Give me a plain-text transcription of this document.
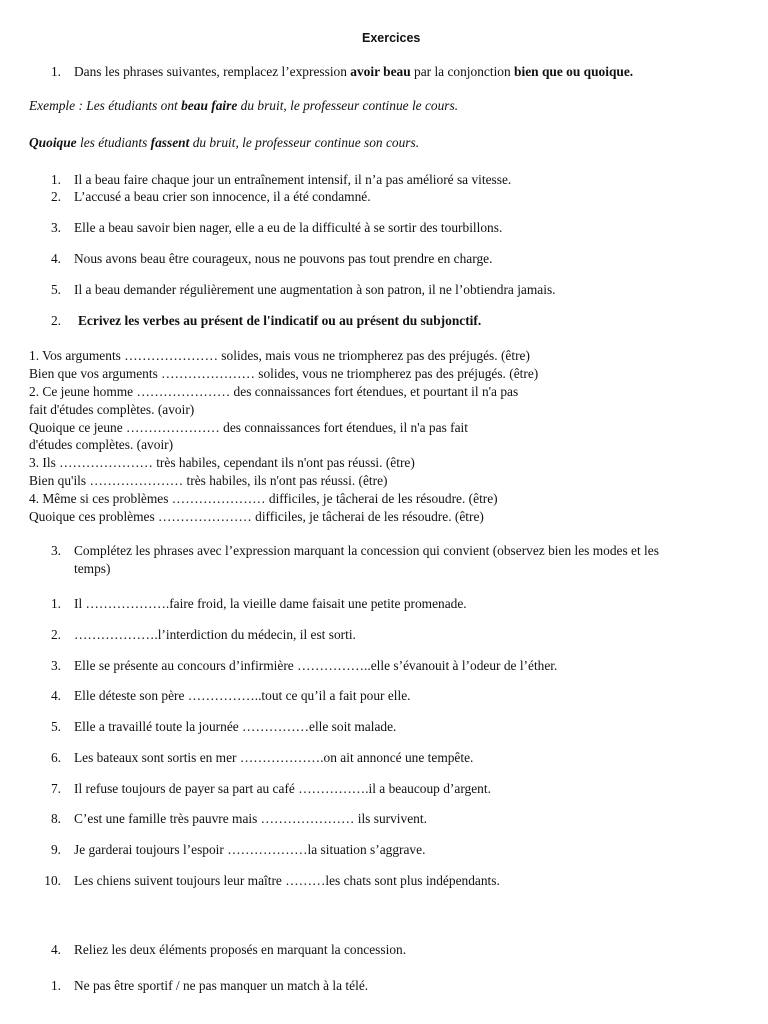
Exercices
1. Dans les phrases suivantes, remplacez l’expression avoir beau par la conjonction bien que ou quoique.
Exemple : Les étudiants ont beau faire du bruit, le professeur continue le cours.
Quoique les étudiants fassent du bruit, le professeur continue son cours.
1. Il a beau faire chaque jour un entraînement intensif, il n’a pas amélioré sa vitesse.
2. L’accusé a beau crier son innocence, il a été condamné.
3. Elle a beau savoir bien nager, elle a eu de la difficulté à se sortir des tourbillons.
4. Nous avons beau être courageux, nous ne pouvons pas tout prendre en charge.
5. Il a beau demander régulièrement une augmentation à son patron, il ne l’obtiendra jamais.
2. Ecrivez les verbes au présent de l'indicatif ou au présent du subjonctif.
1. Vos arguments ………………… solides, mais vous ne triompherez pas des préjugés. (être)
Bien que vos arguments ………………… solides, vous ne triompherez pas des préjugés. (être)
2. Ce jeune homme ………………… des connaissances fort étendues, et pourtant il n'a pas
fait d'études complètes. (avoir)
Quoique ce jeune ………………… des connaissances fort étendues, il n'a pas fait
d'études complètes. (avoir)
3. Ils ………………… très habiles, cependant ils n'ont pas réussi. (être)
Bien qu'ils ………………… très habiles, ils n'ont pas réussi. (être)
4. Même si ces problèmes ………………… difficiles, je tâcherai de les résoudre. (être)
Quoique ces problèmes ………………… difficiles, je tâcherai de les résoudre. (être)
3. Complétez les phrases avec l’expression marquant la concession qui convient (observez bien les modes et les
temps)
1. Il ……………….faire froid, la vieille dame faisait une petite promenade.
2. ……………….l’interdiction du médecin, il est sorti.
3. Elle se présente au concours d’infirmière ……………..elle s’évanouit à l’odeur de l’éther.
4. Elle déteste son père ……………..tout ce qu’il a fait pour elle.
5. Elle a travaillé toute la journée ……………elle soit malade.
6. Les bateaux sont sortis en mer ……………….on ait annoncé une tempête.
7. Il refuse toujours de payer sa part au café …………….il a beaucoup d’argent.
8. C’est une famille très pauvre mais ………………… ils survivent.
9. Je garderai toujours l’espoir ………………la situation s’aggrave.
10. Les chiens suivent toujours leur maître ………les chats sont plus indépendants.
4. Reliez les deux éléments proposés en marquant la concession.
1. Ne pas être sportif / ne pas manquer un match à la télé.
